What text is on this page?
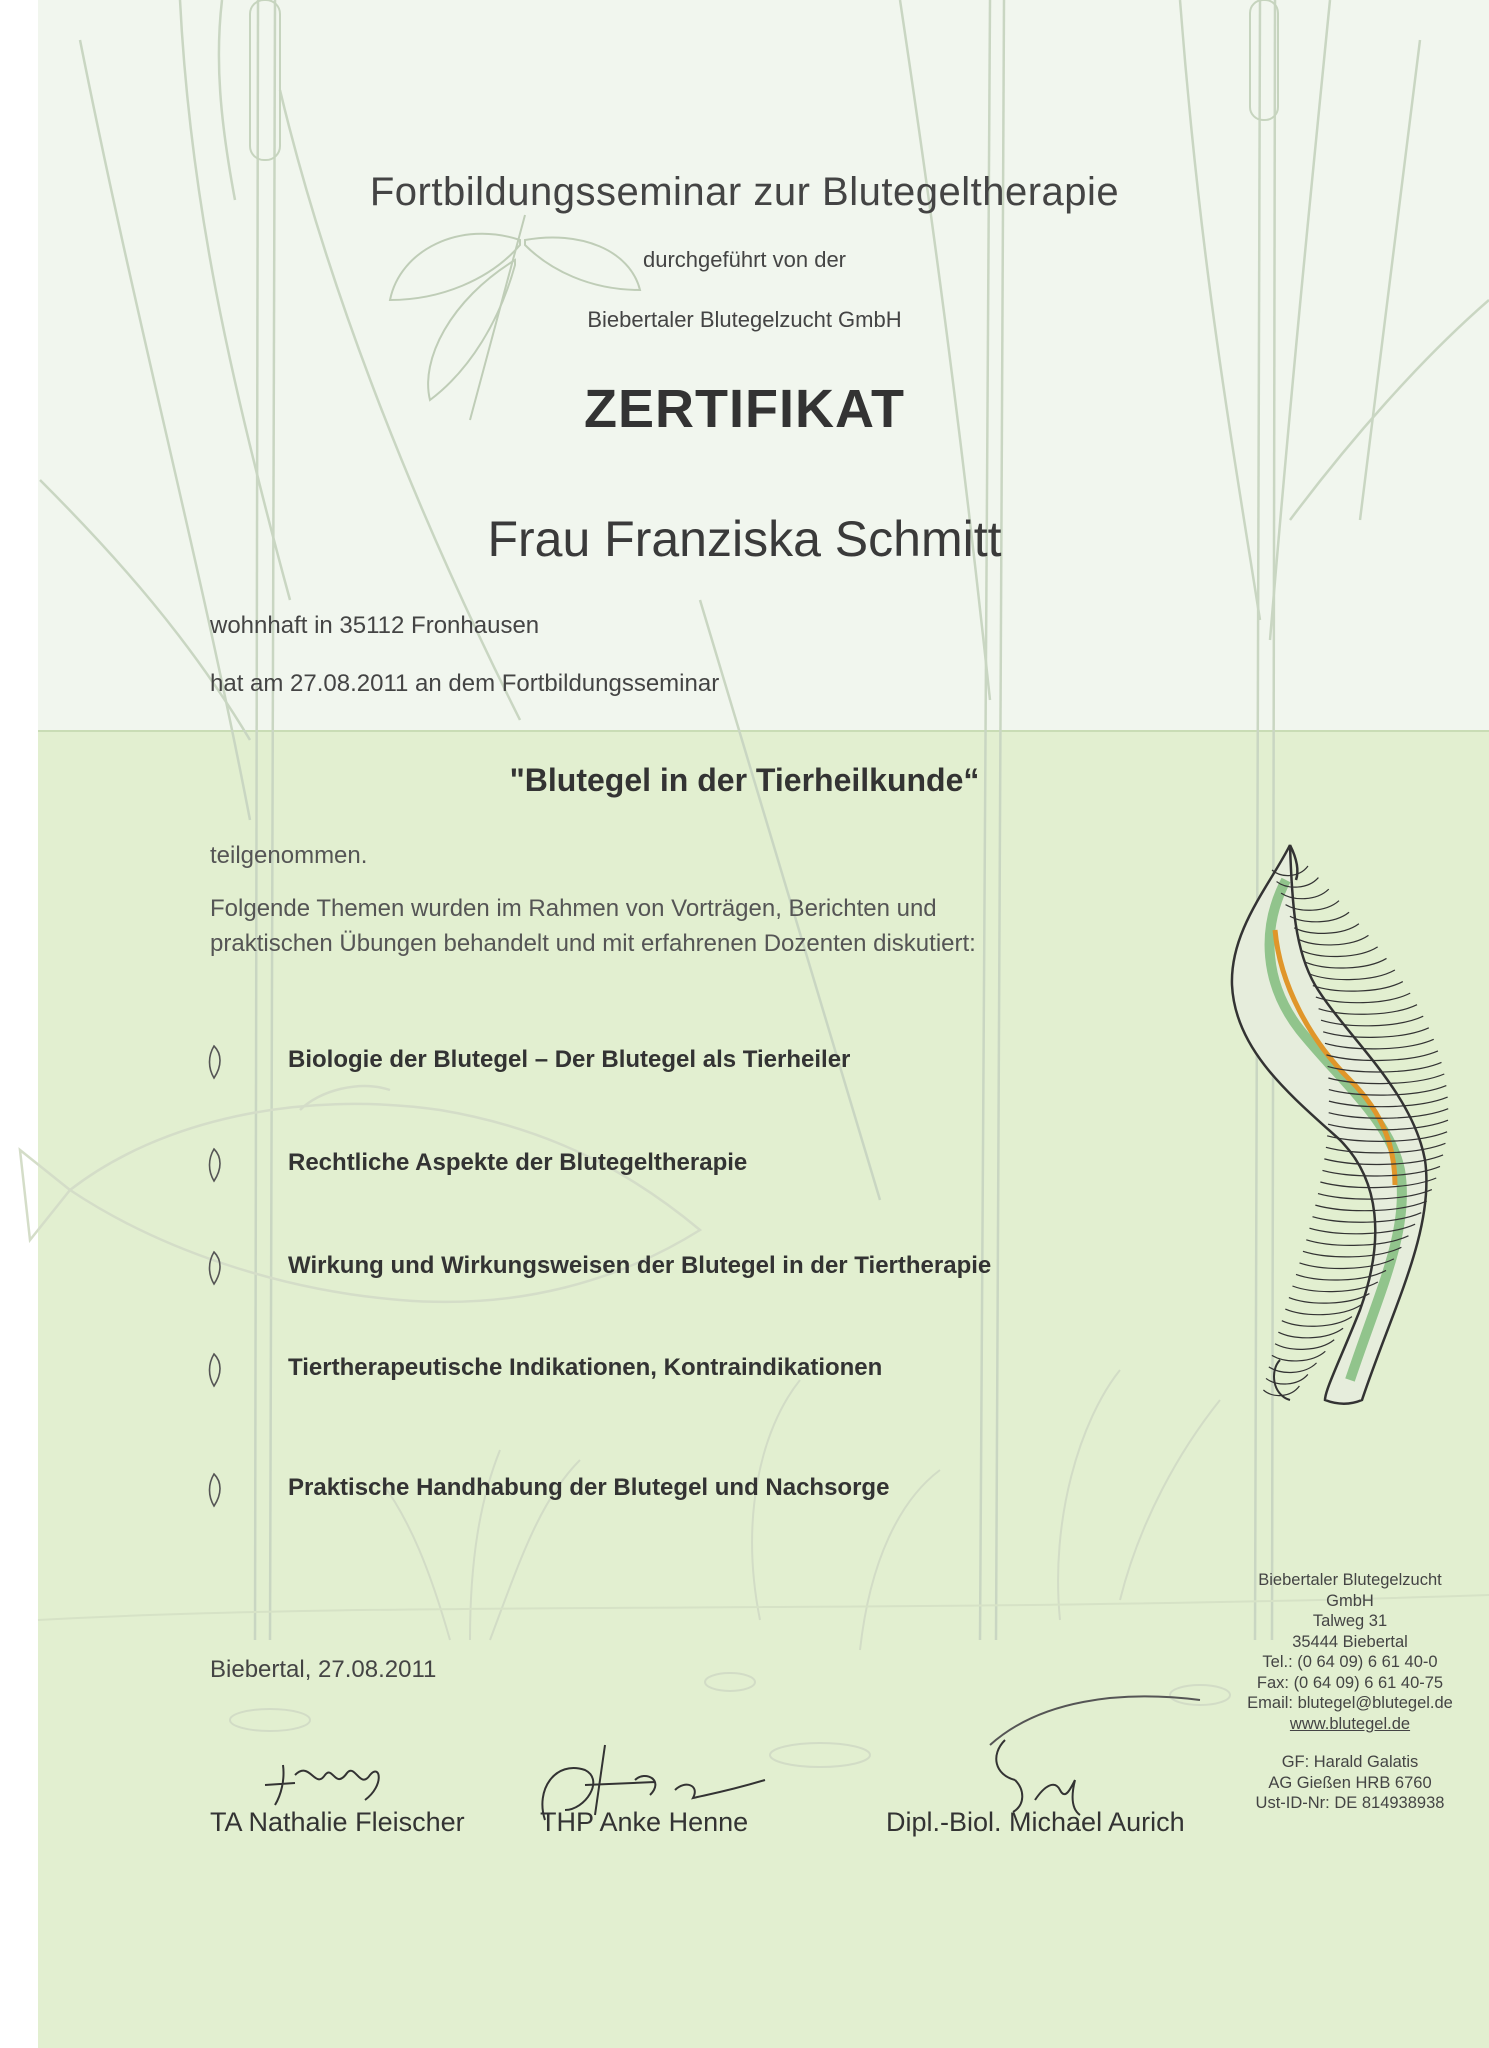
Fortbildungsseminar zur Blutegeltherapie
durchgeführt von der
Biebertaler Blutegelzucht GmbH
ZERTIFIKAT
Frau Franziska Schmitt
wohnhaft in 35112 Fronhausen
hat am 27.08.2011 an dem Fortbildungsseminar
"Blutegel in der Tierheilkunde“
teilgenommen.
Folgende Themen wurden im Rahmen von Vorträgen, Berichten und
praktischen Übungen behandelt und mit erfahrenen Dozenten diskutiert:
Biologie der Blutegel – Der Blutegel als Tierheiler
Rechtliche Aspekte der Blutegeltherapie
Wirkung und Wirkungsweisen der Blutegel in der Tiertherapie
Tiertherapeutische Indikationen, Kontraindikationen
Praktische Handhabung der Blutegel und Nachsorge
Biebertal, 27.08.2011
TA Nathalie Fleischer	THP Anke Henne	Dipl.-Biol. Michael Aurich
Biebertaler Blutegelzucht
GmbH
Talweg 31
35444 Biebertal
Tel.: (0 64 09) 6 61 40-0
Fax: (0 64 09) 6 61 40-75
Email: blutegel@blutegel.de
www.blutegel.de
GF: Harald Galatis
AG Gießen HRB 6760
Ust-ID-Nr: DE 814938938
